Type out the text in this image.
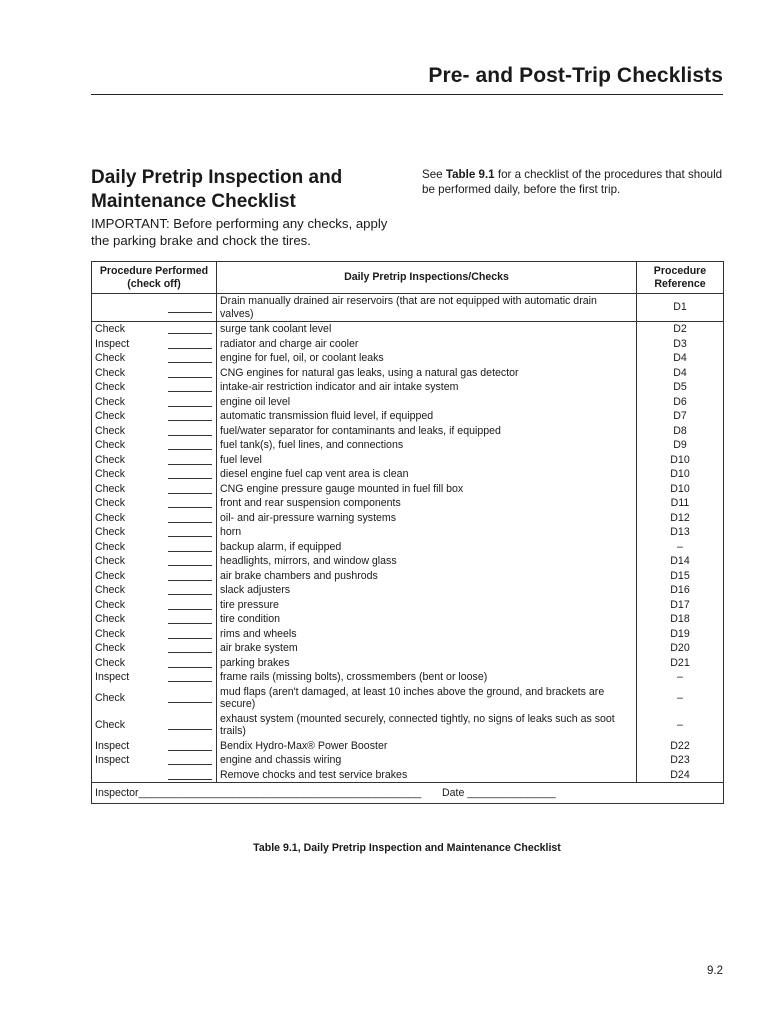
Pre- and Post-Trip Checklists
Daily Pretrip Inspection and
Maintenance Checklist
IMPORTANT: Before performing any checks, apply the parking brake and chock the tires.
See Table 9.1 for a checklist of the procedures that should be performed daily, before the first trip.
Procedure Performed (check off)	Daily Pretrip Inspections/Checks	Procedure Reference

	Drain manually drained air reservoirs (that are not equipped with automatic drain valves)	D1

Check	surge tank coolant level	D2

Inspect	radiator and charge air cooler	D3

Check	engine for fuel, oil, or coolant leaks	D4

Check	CNG engines for natural gas leaks, using a natural gas detector	D4

Check	intake-air restriction indicator and air intake system	D5

Check	engine oil level	D6

Check	automatic transmission fluid level, if equipped	D7

Check	fuel/water separator for contaminants and leaks, if equipped	D8

Check	fuel tank(s), fuel lines, and connections	D9

Check	fuel level	D10

Check	diesel engine fuel cap vent area is clean	D10

Check	CNG engine pressure gauge mounted in fuel fill box	D10

Check	front and rear suspension components	D11

Check	oil- and air-pressure warning systems	D12

Check	horn	D13

Check	backup alarm, if equipped	–

Check	headlights, mirrors, and window glass	D14

Check	air brake chambers and pushrods	D15

Check	slack adjusters	D16

Check	tire pressure	D17

Check	tire condition	D18

Check	rims and wheels	D19

Check	air brake system	D20

Check	parking brakes	D21

Inspect	frame rails (missing bolts), crossmembers (bent or loose)	–

Check	mud flaps (aren't damaged, at least 10 inches above the ground, and brackets are secure)	–

Check	exhaust system (mounted securely, connected tightly, no signs of leaks such as soot trails)	–

Inspect	Bendix Hydro-Max® Power Booster	D22

Inspect	engine and chassis wiring	D23

	Remove chocks and test service brakes	D24
Inspector________________________________________________ Date _______________		
Table 9.1, Daily Pretrip Inspection and Maintenance Checklist
9.2
